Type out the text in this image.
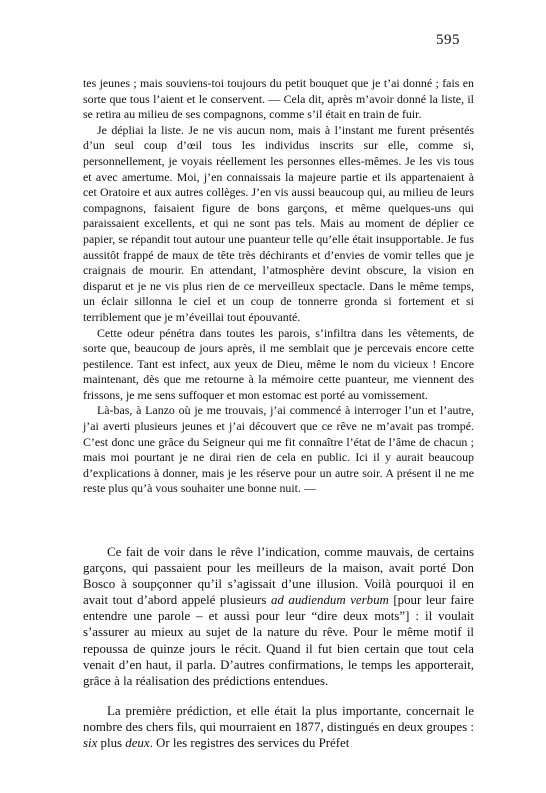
595

tes jeunes ; mais souviens-toi toujours du petit bouquet que je t’ai donné ; fais en sorte que tous l’aient et le conservent. — Cela dit, après m’avoir donné la liste, il se retira au milieu de ses compagnons, comme s’il était en train de fuir.

Je dépliai la liste. Je ne vis aucun nom, mais à l’instant me furent présentés d’un seul coup d’œil tous les individus inscrits sur elle, comme si, personnellement, je voyais réellement les personnes elles-mêmes. Je les vis tous et avec amertume. Moi, j’en connaissais la majeure partie et ils appartenaient à cet Oratoire et aux autres collèges. J’en vis aussi beaucoup qui, au milieu de leurs compagnons, faisaient figure de bons garçons, et même quelques-uns qui paraissaient excellents, et qui ne sont pas tels. Mais au moment de déplier ce papier, se répandit tout autour une puanteur telle qu’elle était insupportable. Je fus aussitôt frappé de maux de tête très déchirants et d’envies de vomir telles que je craignais de mourir. En attendant, l’atmosphère devint obscure, la vision en disparut et je ne vis plus rien de ce merveilleux spectacle. Dans le même temps, un éclair sillonna le ciel et un coup de tonnerre gronda si fortement et si terriblement que je m’éveillai tout épouvanté.

Cette odeur pénétra dans toutes les parois, s’infiltra dans les vêtements, de sorte que, beaucoup de jours après, il me semblait que je percevais encore cette pestilence. Tant est infect, aux yeux de Dieu, même le nom du vicieux ! Encore maintenant, dès que me retourne à la mémoire cette puanteur, me viennent des frissons, je me sens suffoquer et mon estomac est porté au vomissement.

Là-bas, à Lanzo où je me trouvais, j’ai commencé à interroger l’un et l’autre, j’ai averti plusieurs jeunes et j’ai découvert que ce rêve ne m’avait pas trompé. C’est donc une grâce du Seigneur qui me fit connaître l’état de l’âme de chacun ; mais moi pourtant je ne dirai rien de cela en public. Ici il y aurait beaucoup d’explications à donner, mais je les réserve pour un autre soir. A présent il ne me reste plus qu’à vous souhaiter une bonne nuit. —

Ce fait de voir dans le rêve l’indication, comme mauvais, de certains garçons, qui passaient pour les meilleurs de la maison, avait porté Don Bosco à soupçonner qu’il s’agissait d’une illusion. Voilà pourquoi il en avait tout d’abord appelé plusieurs ad audiendum verbum [pour leur faire entendre une parole – et aussi pour leur “dire deux mots”] : il voulait s’assurer au mieux au sujet de la nature du rêve. Pour le même motif il repoussa de quinze jours le récit. Quand il fut bien certain que tout cela venait d’en haut, il parla. D’autres confirmations, le temps les apporterait, grâce à la réalisation des prédictions entendues.

La première prédiction, et elle était la plus importante, concernait le nombre des chers fils, qui mourraient en 1877, distingués en deux groupes : six plus deux. Or les registres des services du Préfet
